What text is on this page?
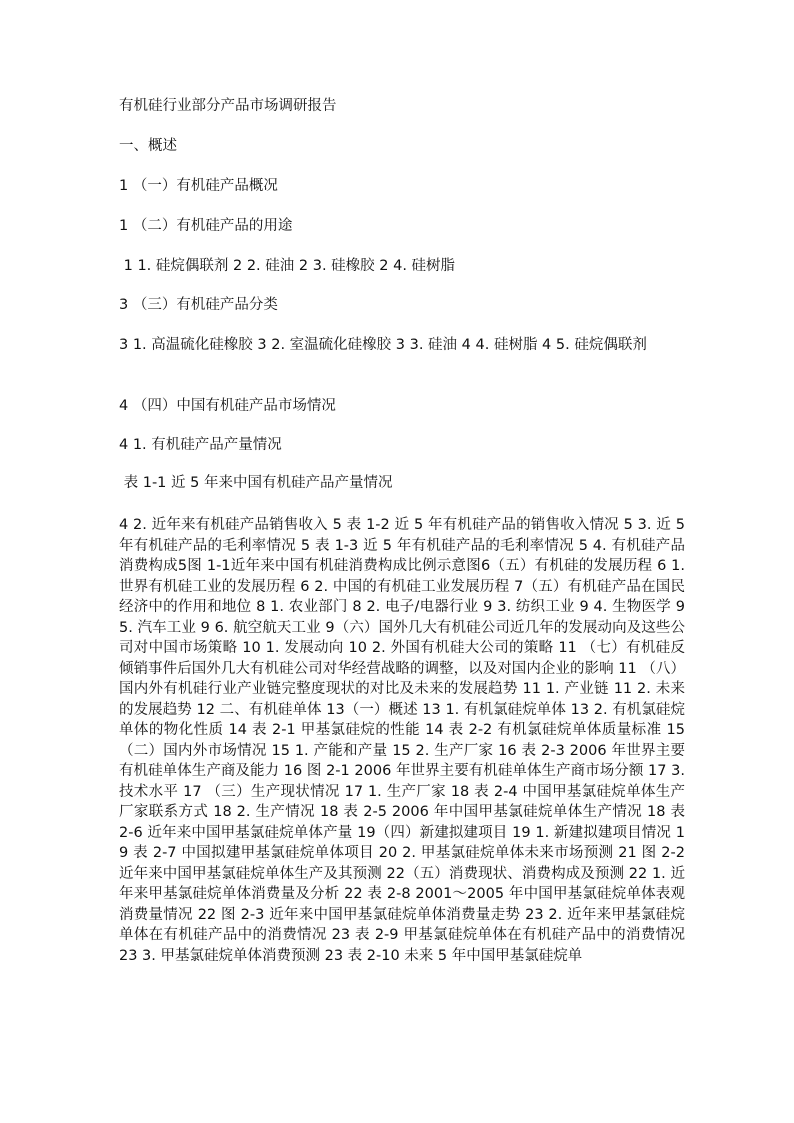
有机硅行业部分产品市场调研报告
一、概述
1 （一）有机硅产品概况
1 （二）有机硅产品的用途
1 1. 硅烷偶联剂 2 2. 硅油 2 3. 硅橡胶 2 4. 硅树脂
3 （三）有机硅产品分类
3 1. 高温硫化硅橡胶 3 2. 室温硫化硅橡胶 3 3. 硅油 4 4. 硅树脂 4 5. 硅烷偶联剂
4 （四）中国有机硅产品市场情况
4 1. 有机硅产品产量情况
表 1-1 近 5 年来中国有机硅产品产量情况
4 2. 近年来有机硅产品销售收入 5 表 1-2 近 5 年有机硅产品的销售收入情况 5 3. 近 5 年有机硅产品的毛利率情况 5 表 1-3 近 5 年有机硅产品的毛利率情况 5 4. 有机硅产品消费构成5图 1-1近年来中国有机硅消费构成比例示意图6（五）有机硅的发展历程 6 1. 世界有机硅工业的发展历程 6 2. 中国的有机硅工业发展历程 7（五）有机硅产品在国民经济中的作用和地位 8 1. 农业部门 8 2. 电子/电器行业 9 3. 纺织工业 9 4. 生物医学 9 5. 汽车工业 9 6. 航空航天工业 9（六）国外几大有机硅公司近几年的发展动向及这些公司对中国市场策略 10 1. 发展动向 10 2. 外国有机硅大公司的策略 11 （七）有机硅反倾销事件后国外几大有机硅公司对华经营战略的调整，以及对国内企业的影响 11 （八）国内外有机硅行业产业链完整度现状的对比及未来的发展趋势 11 1. 产业链 11 2. 未来的发展趋势 12 二、有机硅单体 13（一）概述 13 1. 有机氯硅烷单体 13 2. 有机氯硅烷单体的物化性质 14 表 2-1 甲基氯硅烷的性能 14 表 2-2 有机氯硅烷单体质量标准 15 （二）国内外市场情况 15 1. 产能和产量 15 2. 生产厂家 16 表 2-3 2006 年世界主要有机硅单体生产商及能力 16 图 2-1 2006 年世界主要有机硅单体生产商市场分额 17 3.技术水平 17 （三）生产现状情况 17 1. 生产厂家 18 表 2-4 中国甲基氯硅烷单体生产厂家联系方式 18 2. 生产情况 18 表 2-5 2006 年中国甲基氯硅烷单体生产情况 18 表 2-6 近年来中国甲基氯硅烷单体产量 19（四）新建拟建项目 19 1. 新建拟建项目情况 19 表 2-7 中国拟建甲基氯硅烷单体项目 20 2. 甲基氯硅烷单体未来市场预测 21 图 2-2 近年来中国甲基氯硅烷单体生产及其预测 22（五）消费现状、消费构成及预测 22 1. 近年来甲基氯硅烷单体消费量及分析 22 表 2-8 2001～2005 年中国甲基氯硅烷单体表观消费量情况 22 图 2-3 近年来中国甲基氯硅烷单体消费量走势 23 2. 近年来甲基氯硅烷单体在有机硅产品中的消费情况 23 表 2-9 甲基氯硅烷单体在有机硅产品中的消费情况 23 3. 甲基氯硅烷单体消费预测 23 表 2-10 未来 5 年中国甲基氯硅烷单
